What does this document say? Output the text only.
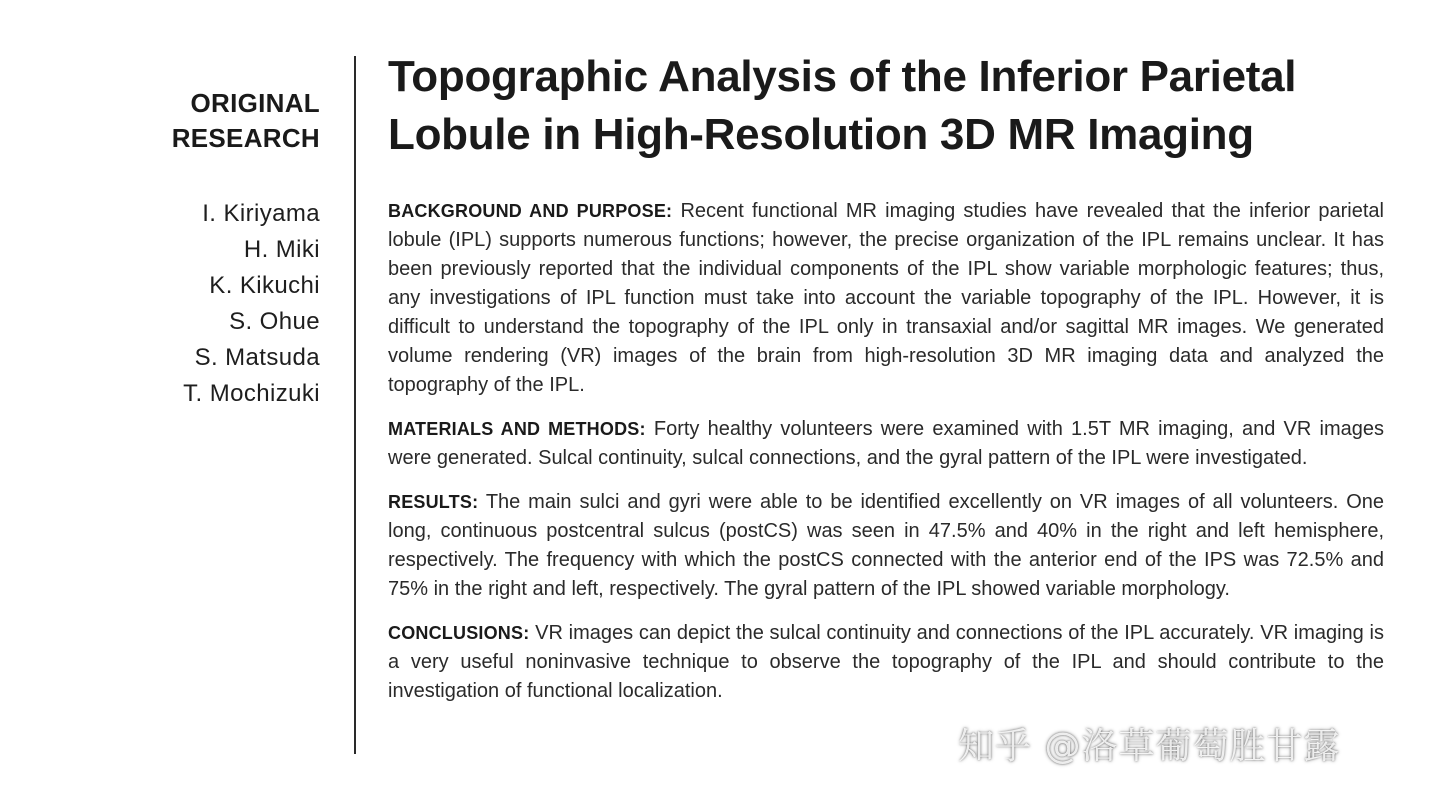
ORIGINAL
RESEARCH
I. Kiriyama
H. Miki
K. Kikuchi
S. Ohue
S. Matsuda
T. Mochizuki
Topographic Analysis of the Inferior Parietal
Lobule in High-Resolution 3D MR Imaging

BACKGROUND AND PURPOSE: Recent functional MR imaging studies have revealed that the inferior parietal lobule (IPL) supports numerous functions; however, the precise organization of the IPL remains unclear. It has been previously reported that the individual components of the IPL show variable morphologic features; thus, any investigations of IPL function must take into account the variable topography of the IPL. However, it is difficult to understand the topography of the IPL only in transaxial and/or sagittal MR images. We generated volume rendering (VR) images of the brain from high-resolution 3D MR imaging data and analyzed the topography of the IPL.

MATERIALS AND METHODS: Forty healthy volunteers were examined with 1.5T MR imaging, and VR images were generated. Sulcal continuity, sulcal connections, and the gyral pattern of the IPL were investigated.

RESULTS: The main sulci and gyri were able to be identified excellently on VR images of all volunteers. One long, continuous postcentral sulcus (postCS) was seen in 47.5% and 40% in the right and left hemisphere, respectively. The frequency with which the postCS connected with the anterior end of the IPS was 72.5% and 75% in the right and left, respectively. The gyral pattern of the IPL showed variable morphology.

CONCLUSIONS: VR images can depict the sulcal continuity and connections of the IPL accurately. VR imaging is a very useful noninvasive technique to observe the topography of the IPL and should contribute to the investigation of functional localization.

知乎 @洛草葡萄胜甘露
